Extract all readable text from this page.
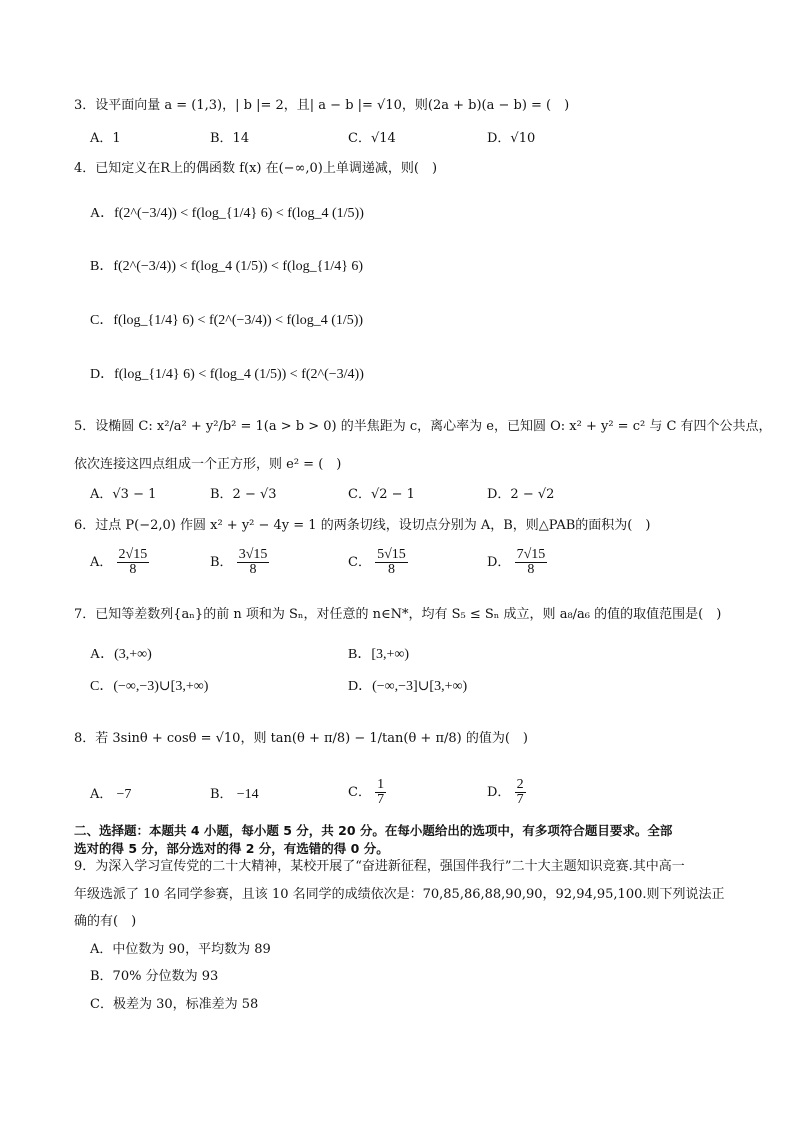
3．设平面向量 a = (1,3)，| b |= 2，且| a − b |= √10，则(2a + b)(a − b) = (　)
A．1	B．14	C．√14	D．√10
4．已知定义在R上的偶函数 f(x) 在(−∞,0)上单调递减，则(　)
A．f(2^(−3/4)) < f(log_{1/4} 6) < f(log_4 (1/5))
B．f(2^(−3/4)) < f(log_4 (1/5)) < f(log_{1/4} 6)
C．f(log_{1/4} 6) < f(2^(−3/4)) < f(log_4 (1/5))
D．f(log_{1/4} 6) < f(log_4 (1/5)) < f(2^(−3/4))
5．设椭圆 C: x²/a² + y²/b² = 1(a > b > 0) 的半焦距为 c，离心率为 e，已知圆 O: x² + y² = c² 与 C 有四个公共点，
依次连接这四点组成一个正方形，则 e² = (　)
A．√3 − 1	B．2 − √3	C．√2 − 1	D．2 − √2
6．过点 P(−2,0) 作圆 x² + y² − 4y = 1 的两条切线，设切点分别为 A，B，则△PAB的面积为(　)
A． $\frac{2√15}{8}$	B． $\frac{3√15}{8}$	C． $\frac{5√15}{8}$	D． $\frac{7√15}{8}$
7．已知等差数列{aₙ}的前 n 项和为 Sₙ，对任意的 n∈N*，均有 S₅ ≤ Sₙ 成立，则 a₈/a₆ 的值的取值范围是(　)
A．(3,+∞)	B．[3,+∞)
C．(−∞,−3)∪[3,+∞)	D．(−∞,−3]∪[3,+∞)
8．若 3sinθ + cosθ = √10，则 tan(θ + π/8) − 1/tan(θ + π/8) 的值为(　)
A． −7	B． −14	C． $\frac{1}{7}$	D． $\frac{2}{7}$
二、选择题：本题共 4 小题，每小题 5 分，共 20 分。在每小题给出的选项中，有多项符合题目要求。全部
选对的得 5 分，部分选对的得 2 分，有选错的得 0 分。
9．为深入学习宣传党的二十大精神，某校开展了“奋进新征程，强国伴我行”二十大主题知识竞赛.其中高一
年级选派了 10 名同学参赛，且该 10 名同学的成绩依次是：70,85,86,88,90,90，92,94,95,100.则下列说法正
确的有(　)
A．中位数为 90，平均数为 89
B．70% 分位数为 93
C．极差为 30，标准差为 58
